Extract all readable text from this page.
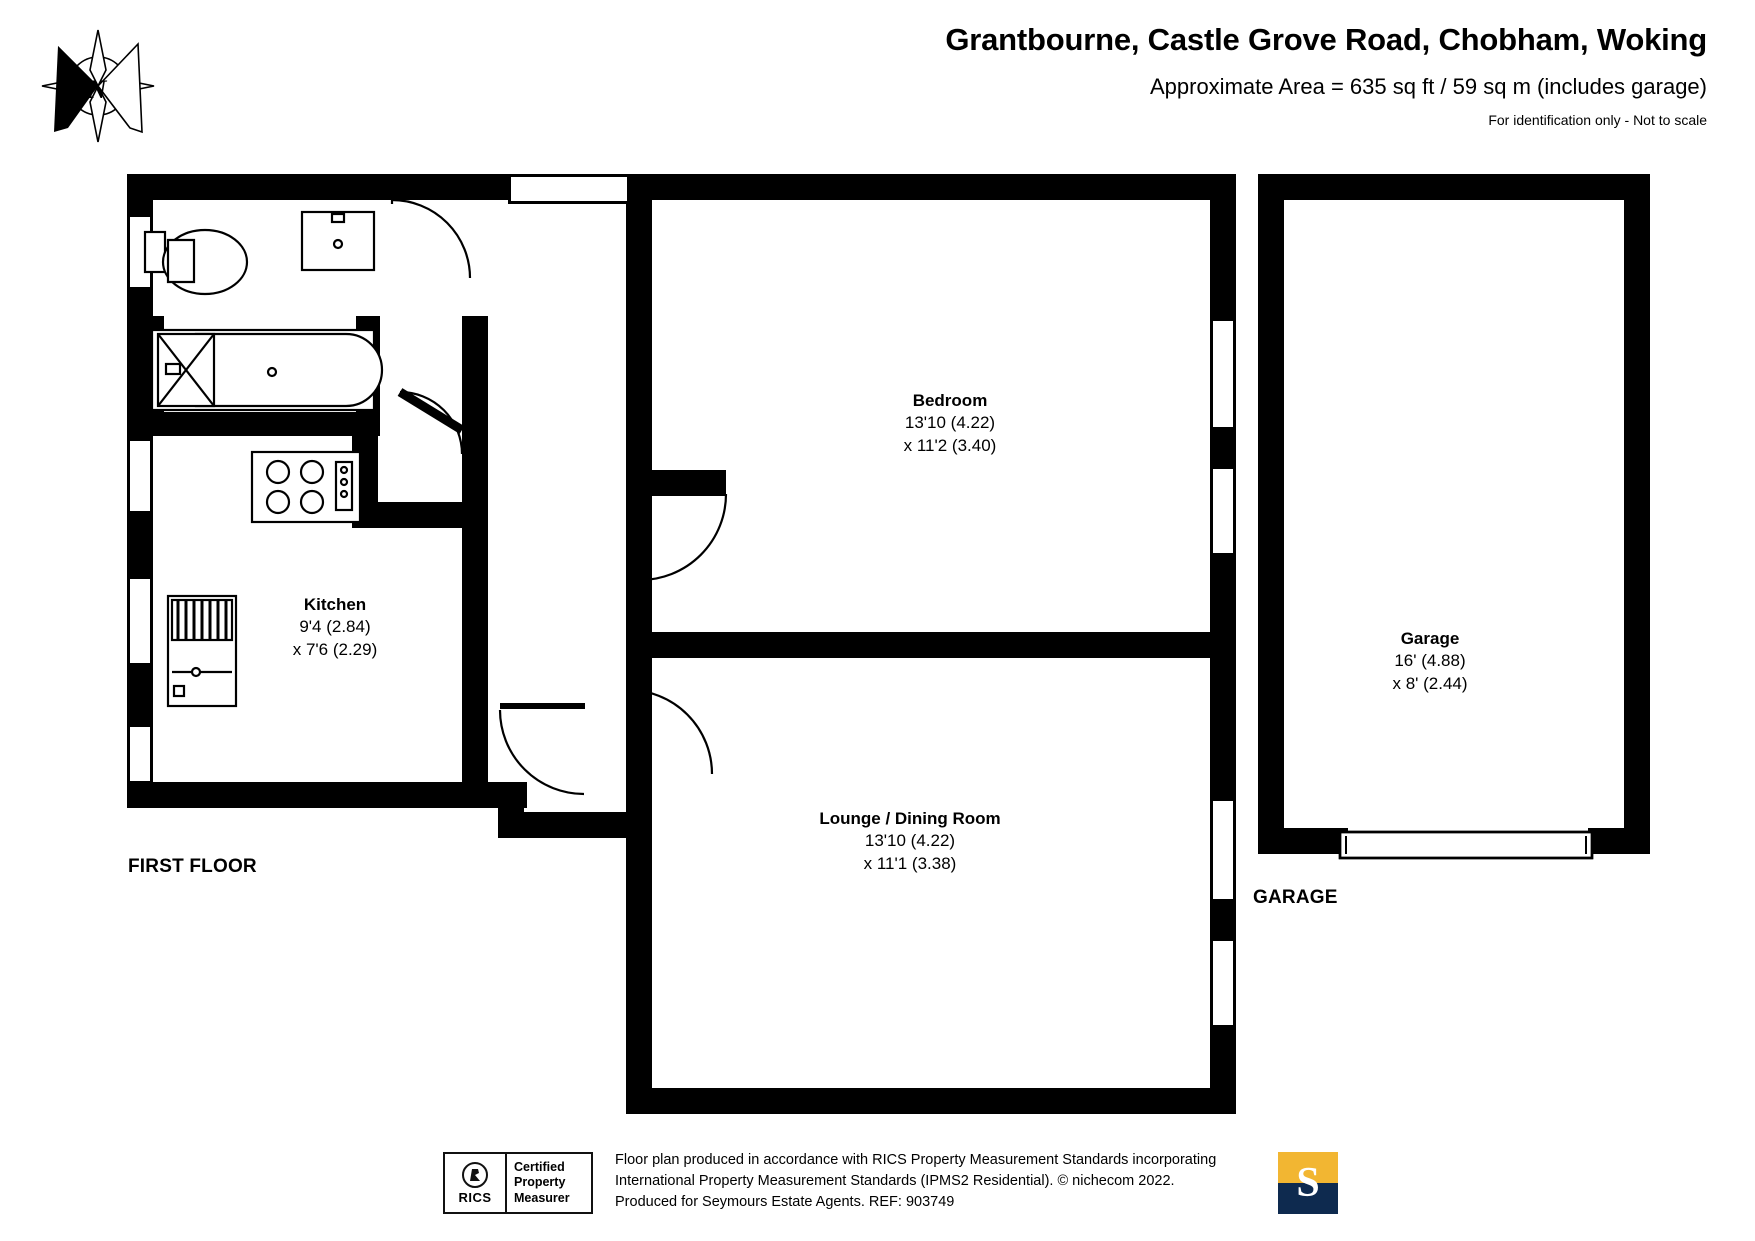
N
Grantbourne, Castle Grove Road, Chobham, Woking
Approximate Area = 635 sq ft / 59 sq m (includes garage)
For identification only - Not to scale
FIRST FLOOR
GARAGE
Bedroom
13'10 (4.22)
x 11'2 (3.40)
Kitchen
9'4 (2.84)
x 7'6 (2.29)
Lounge / Dining Room
13'10 (4.22)
x 11'1 (3.38)
Garage
16' (4.88)
x 8' (2.44)
RICS
Certified
Property
Measurer
Floor plan produced in accordance with RICS Property Measurement Standards incorporating
International Property Measurement Standards (IPMS2 Residential). © nichecom 2022.
Produced for Seymours Estate Agents. REF: 903749	S
